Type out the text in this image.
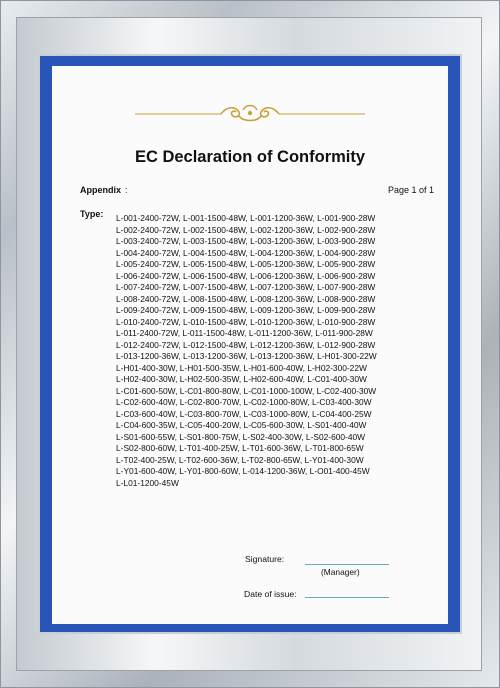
EC Declaration of Conformity
Appendix :	Page 1 of 1
Type: L-001-2400-72W, L-001-1500-48W, L-001-1200-36W, L-001-900-28W
L-002-2400-72W, L-002-1500-48W, L-002-1200-36W, L-002-900-28W
L-003-2400-72W, L-003-1500-48W, L-003-1200-36W, L-003-900-28W
L-004-2400-72W, L-004-1500-48W, L-004-1200-36W, L-004-900-28W
L-005-2400-72W, L-005-1500-48W, L-005-1200-36W, L-005-900-28W
L-006-2400-72W, L-006-1500-48W, L-006-1200-36W, L-006-900-28W
L-007-2400-72W, L-007-1500-48W, L-007-1200-36W, L-007-900-28W
L-008-2400-72W, L-008-1500-48W, L-008-1200-36W, L-008-900-28W
L-009-2400-72W, L-009-1500-48W, L-009-1200-36W, L-009-900-28W
L-010-2400-72W, L-010-1500-48W, L-010-1200-36W, L-010-900-28W
L-011-2400-72W, L-011-1500-48W, L-011-1200-36W, L-011-900-28W
L-012-2400-72W, L-012-1500-48W, L-012-1200-36W, L-012-900-28W
L-013-1200-36W, L-013-1200-36W, L-013-1200-36W, L-H01-300-22W
L-H01-400-30W, L-H01-500-35W, L-H01-600-40W, L-H02-300-22W
L-H02-400-30W, L-H02-500-35W, L-H02-600-40W, L-C01-400-30W
L-C01-600-50W, L-C01-800-80W, L-C01-1000-100W, L-C02-400-30W
L-C02-600-40W, L-C02-800-70W, L-C02-1000-80W, L-C03-400-30W
L-C03-600-40W, L-C03-800-70W, L-C03-1000-80W, L-C04-400-25W
L-C04-600-35W, L-C05-400-20W, L-C05-600-30W, L-S01-400-40W
L-S01-600-55W, L-S01-800-75W, L-S02-400-30W, L-S02-600-40W
L-S02-800-60W, L-T01-400-25W, L-T01-600-36W, L-T01-800-65W
L-T02-400-25W, L-T02-600-36W, L-T02-800-65W, L-Y01-400-30W
L-Y01-600-40W, L-Y01-800-60W, L-014-1200-36W, L-O01-400-45W
L-L01-1200-45W
Signature:
(Manager)
Date of issue:
